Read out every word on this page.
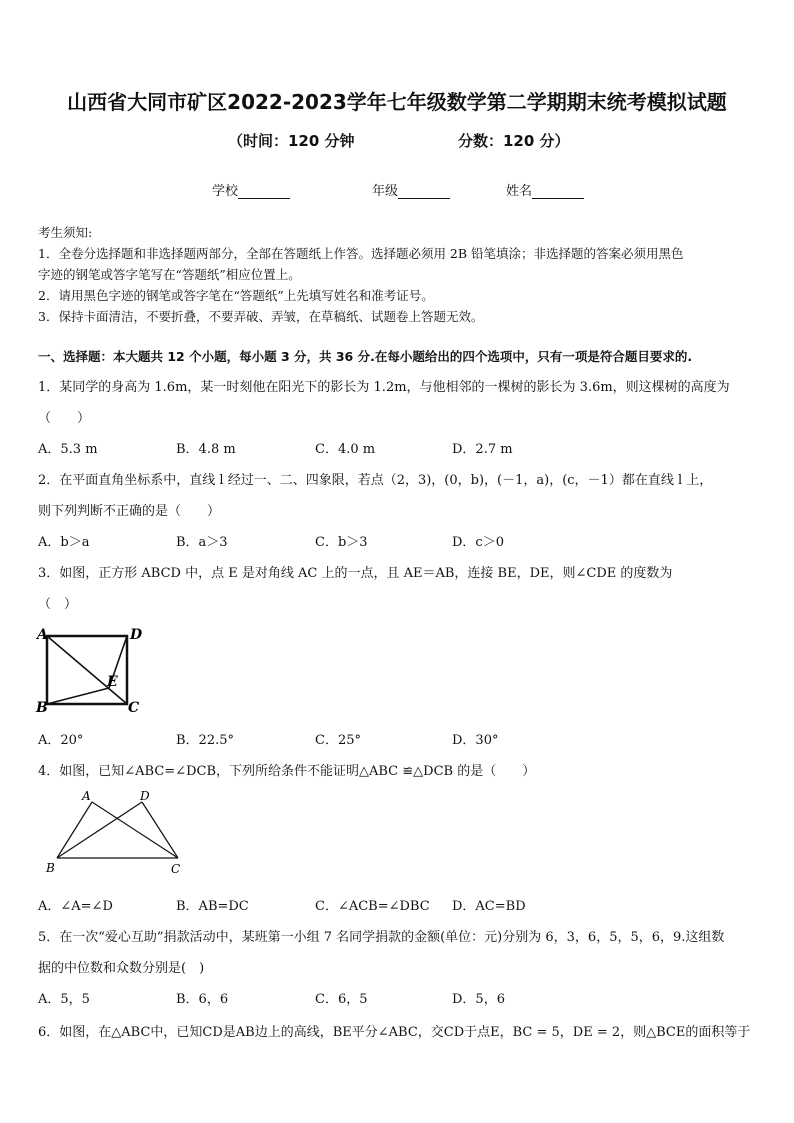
山西省大同市矿区2022-2023学年七年级数学第二学期期末统考模拟试题
（时间：120 分钟	分数：120 分）
学校	年级	姓名
考生须知:
1．全卷分选择题和非选择题两部分，全部在答题纸上作答。选择题必须用 2B 铅笔填涂；非选择题的答案必须用黑色
字迹的钢笔或答字笔写在“答题纸”相应位置上。
2．请用黑色字迹的钢笔或答字笔在“答题纸”上先填写姓名和准考证号。
3．保持卡面清洁，不要折叠，不要弄破、弄皱，在草稿纸、试题卷上答题无效。
一、选择题：本大题共 12 个小题，每小题 3 分，共 36 分.在每小题给出的四个选项中，只有一项是符合题目要求的.
1．某同学的身高为 1.6m，某一时刻他在阳光下的影长为 1.2m，与他相邻的一棵树的影长为 3.6m，则这棵树的高度为
（　　）
A．5.3 m	B．4.8 m	C．4.0 m	D．2.7 m
2．在平面直角坐标系中，直线 l 经过一、二、四象限，若点（2，3)，(0，b)，(－1，a)，(c，－1）都在直线 l 上，
则下列判断不正确的是（　　）
A．b＞a	B．a＞3	C．b＞3	D．c＞0
3．如图，正方形 ABCD 中，点 E 是对角线 AC 上的一点，且 AE＝AB，连接 BE，DE，则∠CDE 的度数为
（　）
A	D
B	C
E
A．20°	B．22.5°	C．25°	D．30°
4．如图，已知∠ABC=∠DCB，下列所给条件不能证明△ABC ≌△DCB 的是（　　）
A	D
B	C
A．∠A=∠D	B．AB=DC	C．∠ACB=∠DBC D．AC=BD
5．在一次“爱心互助”捐款活动中，某班第一小组 7 名同学捐款的金额(单位：元)分别为 6，3，6，5，5，6，9.这组数
据的中位数和众数分别是(　)
A．5，5	B．6，6	C．6，5	D．5，6
6．如图，在△ABC中，已知CD是AB边上的高线，BE平分∠ABC，交CD于点E，BC = 5，DE = 2，则△BCE的面积等于
